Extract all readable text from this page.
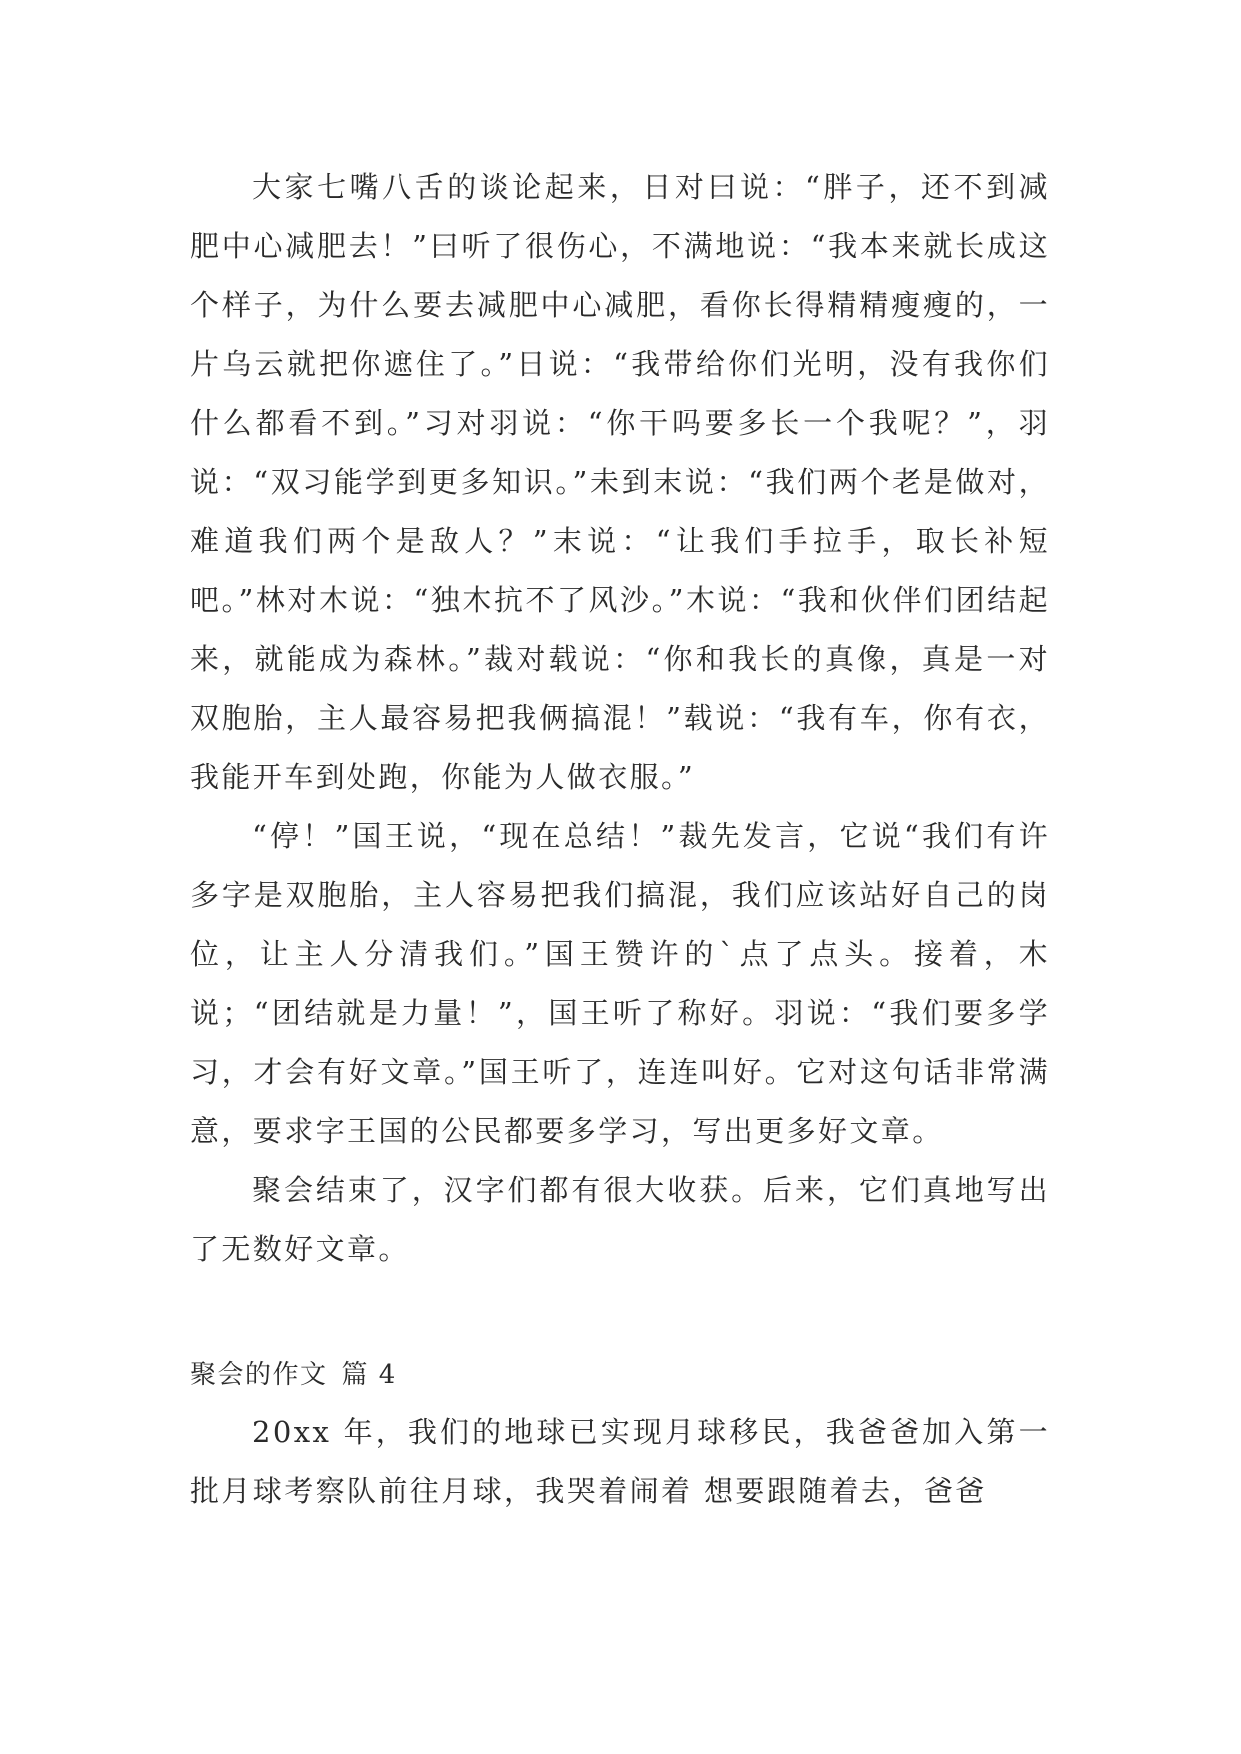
大家七嘴八舌的谈论起来，日对曰说：“胖子，还不到减肥中心减肥去！”曰听了很伤心，不满地说：“我本来就长成这个样子，为什么要去减肥中心减肥，看你长得精精瘦瘦的，一片乌云就把你遮住了。”日说：“我带给你们光明，没有我你们什么都看不到。”习对羽说：“你干吗要多长一个我呢？”，羽说：“双习能学到更多知识。”未到末说：“我们两个老是做对，难道我们两个是敌人？”末说：“让我们手拉手，取长补短吧。”林对木说：“独木抗不了风沙。”木说：“我和伙伴们团结起来，就能成为森林。”裁对载说：“你和我长的真像，真是一对双胞胎，主人最容易把我俩搞混！”载说：“我有车，你有衣，我能开车到处跑，你能为人做衣服。”

“停！”国王说，“现在总结！”裁先发言，它说“我们有许多字是双胞胎，主人容易把我们搞混，我们应该站好自己的岗位，让主人分清我们。”国王赞许的`点了点头。接着，木说；“团结就是力量！”，国王听了称好。羽说：“我们要多学习，才会有好文章。”国王听了，连连叫好。它对这句话非常满意，要求字王国的公民都要多学习，写出更多好文章。

聚会结束了，汉字们都有很大收获。后来，它们真地写出了无数好文章。

聚会的作文 篇 4

20xx 年，我们的地球已实现月球移民，我爸爸加入第一批月球考察队前往月球，我哭着闹着 想要跟随着去，爸爸
